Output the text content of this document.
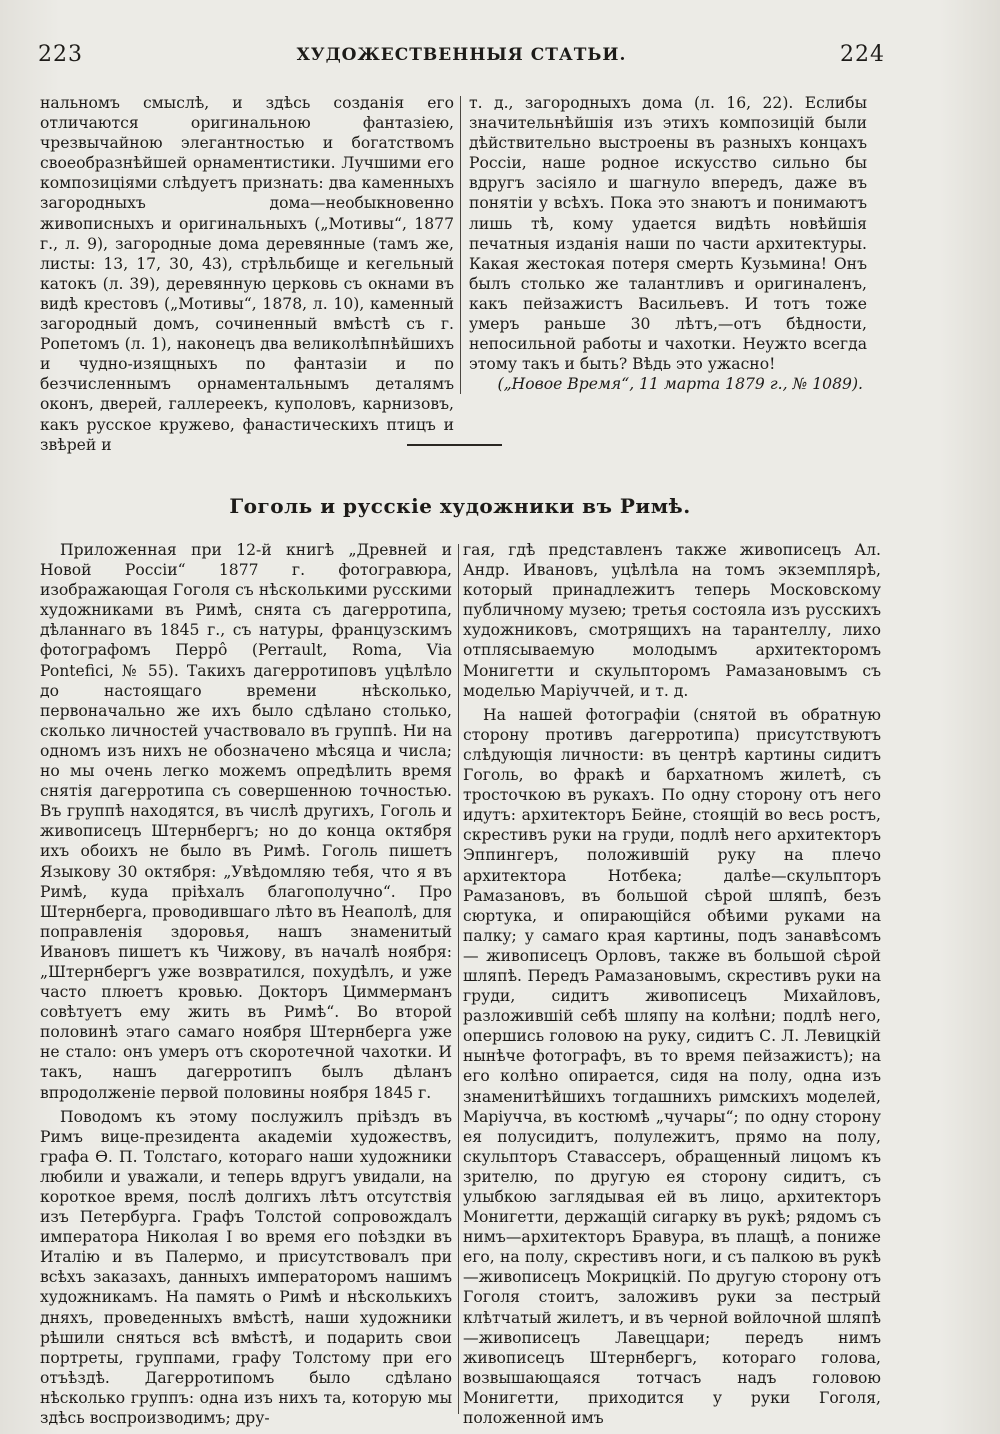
223	ХУДОЖЕСТВЕННЫЯ СТАТЬИ.	224

нальномъ смыслѣ, и здѣсь созданія его отличаются оригинальною фантазіею, чрезвычайною элегантностью и богатствомъ своеобразнѣйшей орнаментистики. Лучшими его композиціями слѣдуетъ признать: два каменныхъ загородныхъ дома—необыкновенно живописныхъ и оригинальныхъ („Мотивы“, 1877 г., л. 9), загородные дома деревянные (тамъ же, листы: 13, 17, 30, 43), стрѣльбище и кегельный катокъ (л. 39), деревянную церковь съ окнами въ видѣ крестовъ („Мотивы“, 1878, л. 10), каменный загородный домъ, сочиненный вмѣстѣ съ г. Ропетомъ (л. 1), наконецъ два великолѣпнѣйшихъ и чудно-изящныхъ по фантазіи и по безчисленнымъ орнаментальнымъ деталямъ оконъ, дверей, галлереекъ, куполовъ, карнизовъ, какъ русское кружево, фанастическихъ птицъ и звѣрей и

т. д., загородныхъ дома (л. 16, 22). Еслибы значительнѣйшія изъ этихъ композицій были дѣйствительно выстроены въ разныхъ концахъ Россіи, наше родное искусство сильно бы вдругъ засіяло и шагнуло впередъ, даже въ понятіи у всѣхъ. Пока это знаютъ и понимаютъ лишь тѣ, кому удается видѣть новѣйшія печатныя изданія наши по части архитектуры. Какая жестокая потеря смерть Кузьмина! Онъ былъ столько же талантливъ и оригиналенъ, какъ пейзажистъ Васильевъ. И тотъ тоже умеръ раньше 30 лѣтъ,—отъ бѣдности, непосильной работы и чахотки. Неужто всегда этому такъ и быть? Вѣдь это ужасно!

(„Новое Время“, 11 марта 1879 г., № 1089).

Гоголь и русскіе художники въ Римѣ.

Приложенная при 12-й книгѣ „Древней и Новой Россіи“ 1877 г. фотогравюра, изображающая Гоголя съ нѣсколькими русскими художниками въ Римѣ, снята съ дагерротипа, дѣланнаго въ 1845 г., съ натуры, французскимъ фотографомъ Перрô (Perrault, Roma, Via Pontefici, № 55). Такихъ дагерротиповъ уцѣлѣло до настоящаго времени нѣсколько, первоначально же ихъ было сдѣлано столько, сколько личностей участвовало въ группѣ. Ни на одномъ изъ нихъ не обозначено мѣсяца и числа; но мы очень легко можемъ опредѣлить время снятія дагерротипа съ совершенною точностью. Въ группѣ находятся, въ числѣ другихъ, Гоголь и живописецъ Штернбергъ; но до конца октября ихъ обоихъ не было въ Римѣ. Гоголь пишетъ Языкову 30 октября: „Увѣдомляю тебя, что я въ Римѣ, куда пріѣхалъ благополучно“. Про Штернберга, проводившаго лѣто въ Неаполѣ, для поправленія здоровья, нашъ знаменитый Ивановъ пишетъ къ Чижову, въ началѣ ноября: „Штернбергъ уже возвратился, похудѣлъ, и уже часто плюетъ кровью. Докторъ Циммерманъ совѣтуетъ ему жить въ Римѣ“. Во второй половинѣ этаго самаго ноября Штернберга уже не стало: онъ умеръ отъ скоротечной чахотки. И такъ, нашъ дагерротипъ былъ дѣланъ впродолженіе первой половины ноября 1845 г.

Поводомъ къ этому послужилъ пріѣздъ въ Римъ вице-президента академіи художествъ, графа Ѳ. П. Толстаго, котораго наши художники любили и уважали, и теперь вдругъ увидали, на короткое время, послѣ долгихъ лѣтъ отсутствія изъ Петербурга. Графъ Толстой сопровождалъ императора Николая I во время его поѣздки въ Италію и въ Палермо, и присутствовалъ при всѣхъ заказахъ, данныхъ императоромъ нашимъ художникамъ. На память о Римѣ и нѣсколькихъ дняхъ, проведенныхъ вмѣстѣ, наши художники рѣшили сняться всѣ вмѣстѣ, и подарить свои портреты, группами, графу Толстому при его отъѣздѣ. Дагерротипомъ было сдѣлано нѣсколько группъ: одна изъ нихъ та, которую мы здѣсь воспроизводимъ; дру-

гая, гдѣ представленъ также живописецъ Ал. Андр. Ивановъ, уцѣлѣла на томъ экземплярѣ, который принадлежитъ теперь Московскому публичному музею; третья состояла изъ русскихъ художниковъ, смотрящихъ на тарантеллу, лихо отплясываемую молодымъ архитекторомъ Монигетти и скульпторомъ Рамазановымъ съ моделью Маріуччей, и т. д.

На нашей фотографіи (снятой въ обратную сторону противъ дагерротипа) присутствуютъ слѣдующія личности: въ центрѣ картины сидитъ Гоголь, во фракѣ и бархатномъ жилетѣ, съ тросточкою въ рукахъ. По одну сторону отъ него идутъ: архитекторъ Бейне, стоящій во весь ростъ, скрестивъ руки на груди, подлѣ него архитекторъ Эппингеръ, положившій руку на плечо архитектора Нотбека; далѣе—скульпторъ Рамазановъ, въ большой сѣрой шляпѣ, безъ сюртука, и опирающійся обѣими руками на палку; у самаго края картины, подъ занавѣсомъ — живописецъ Орловъ, также въ большой сѣрой шляпѣ. Передъ Рамазановымъ, скрестивъ руки на груди, сидитъ живописецъ Михайловъ, разложившій себѣ шляпу на колѣни; подлѣ него, опершись головою на руку, сидитъ С. Л. Левицкій нынѣче фотографъ, въ то время пейзажистъ); на его колѣно опирается, сидя на полу, одна изъ знаменитѣйшихъ тогдашнихъ римскихъ моделей, Маріучча, въ костюмѣ „чучары“; по одну сторону ея полусидитъ, полулежитъ, прямо на полу, скульпторъ Ставассеръ, обращенный лицомъ къ зрителю, по другую ея сторону сидитъ, съ улыбкою заглядывая ей въ лицо, архитекторъ Монигетти, держащій сигарку въ рукѣ; рядомъ съ нимъ—архитекторъ Бравура, въ плащѣ, а пониже его, на полу, скрестивъ ноги, и съ палкою въ рукѣ—живописецъ Мокрицкій. По другую сторону отъ Гоголя стоитъ, заложивъ руки за пестрый клѣтчатый жилетъ, и въ черной войлочной шляпѣ—живописецъ Лавеццари; передъ нимъ живописецъ Штернбергъ, котораго голова, возвышающаяся тотчасъ надъ головою Монигетти, приходится у руки Гоголя, положенной имъ
